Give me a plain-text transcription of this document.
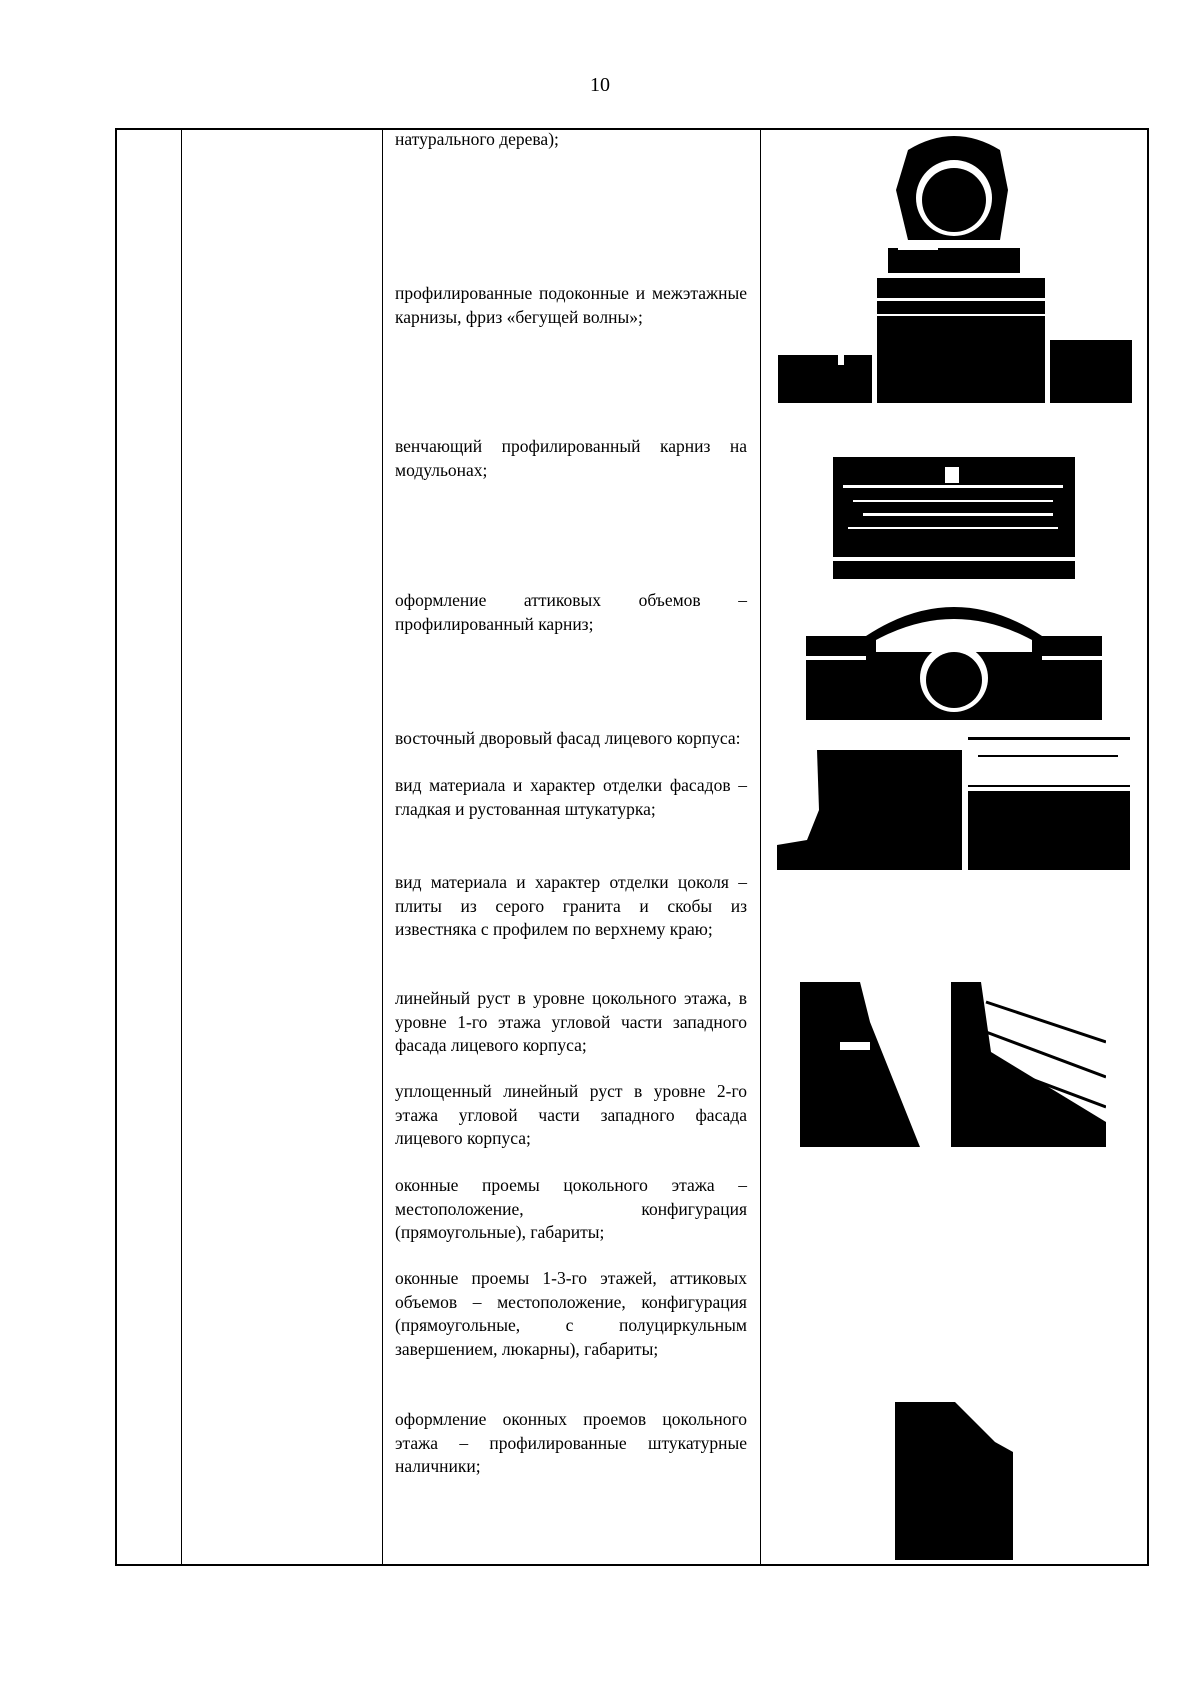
10
натурального дерева);
профилированные подоконные и межэтажные карнизы, фриз «бегущей волны»;
венчающий профилированный карниз на модульонах;
оформление аттиковых объемов – профилированный карниз;
восточный дворовый фасад лицевого корпуса:
вид материала и характер отделки фасадов – гладкая и рустованная штукатурка;
вид материала и характер отделки цоколя – плиты из серого гранита и скобы из известняка с профилем по верхнему краю;
линейный руст в уровне цокольного этажа, в уровне 1-го этажа угловой части западного фасада лицевого корпуса;
уплощенный линейный руст в уровне 2-го этажа угловой части западного фасада лицевого корпуса;
оконные проемы цокольного этажа – местоположение, конфигурация (прямоугольные), габариты;
оконные проемы 1-3-го этажей, аттиковых объемов – местоположение, конфигурация (прямоугольные, с полуциркульным завершением, люкарны), габариты;
оформление оконных проемов цокольного этажа – профилированные штукатурные наличники;
